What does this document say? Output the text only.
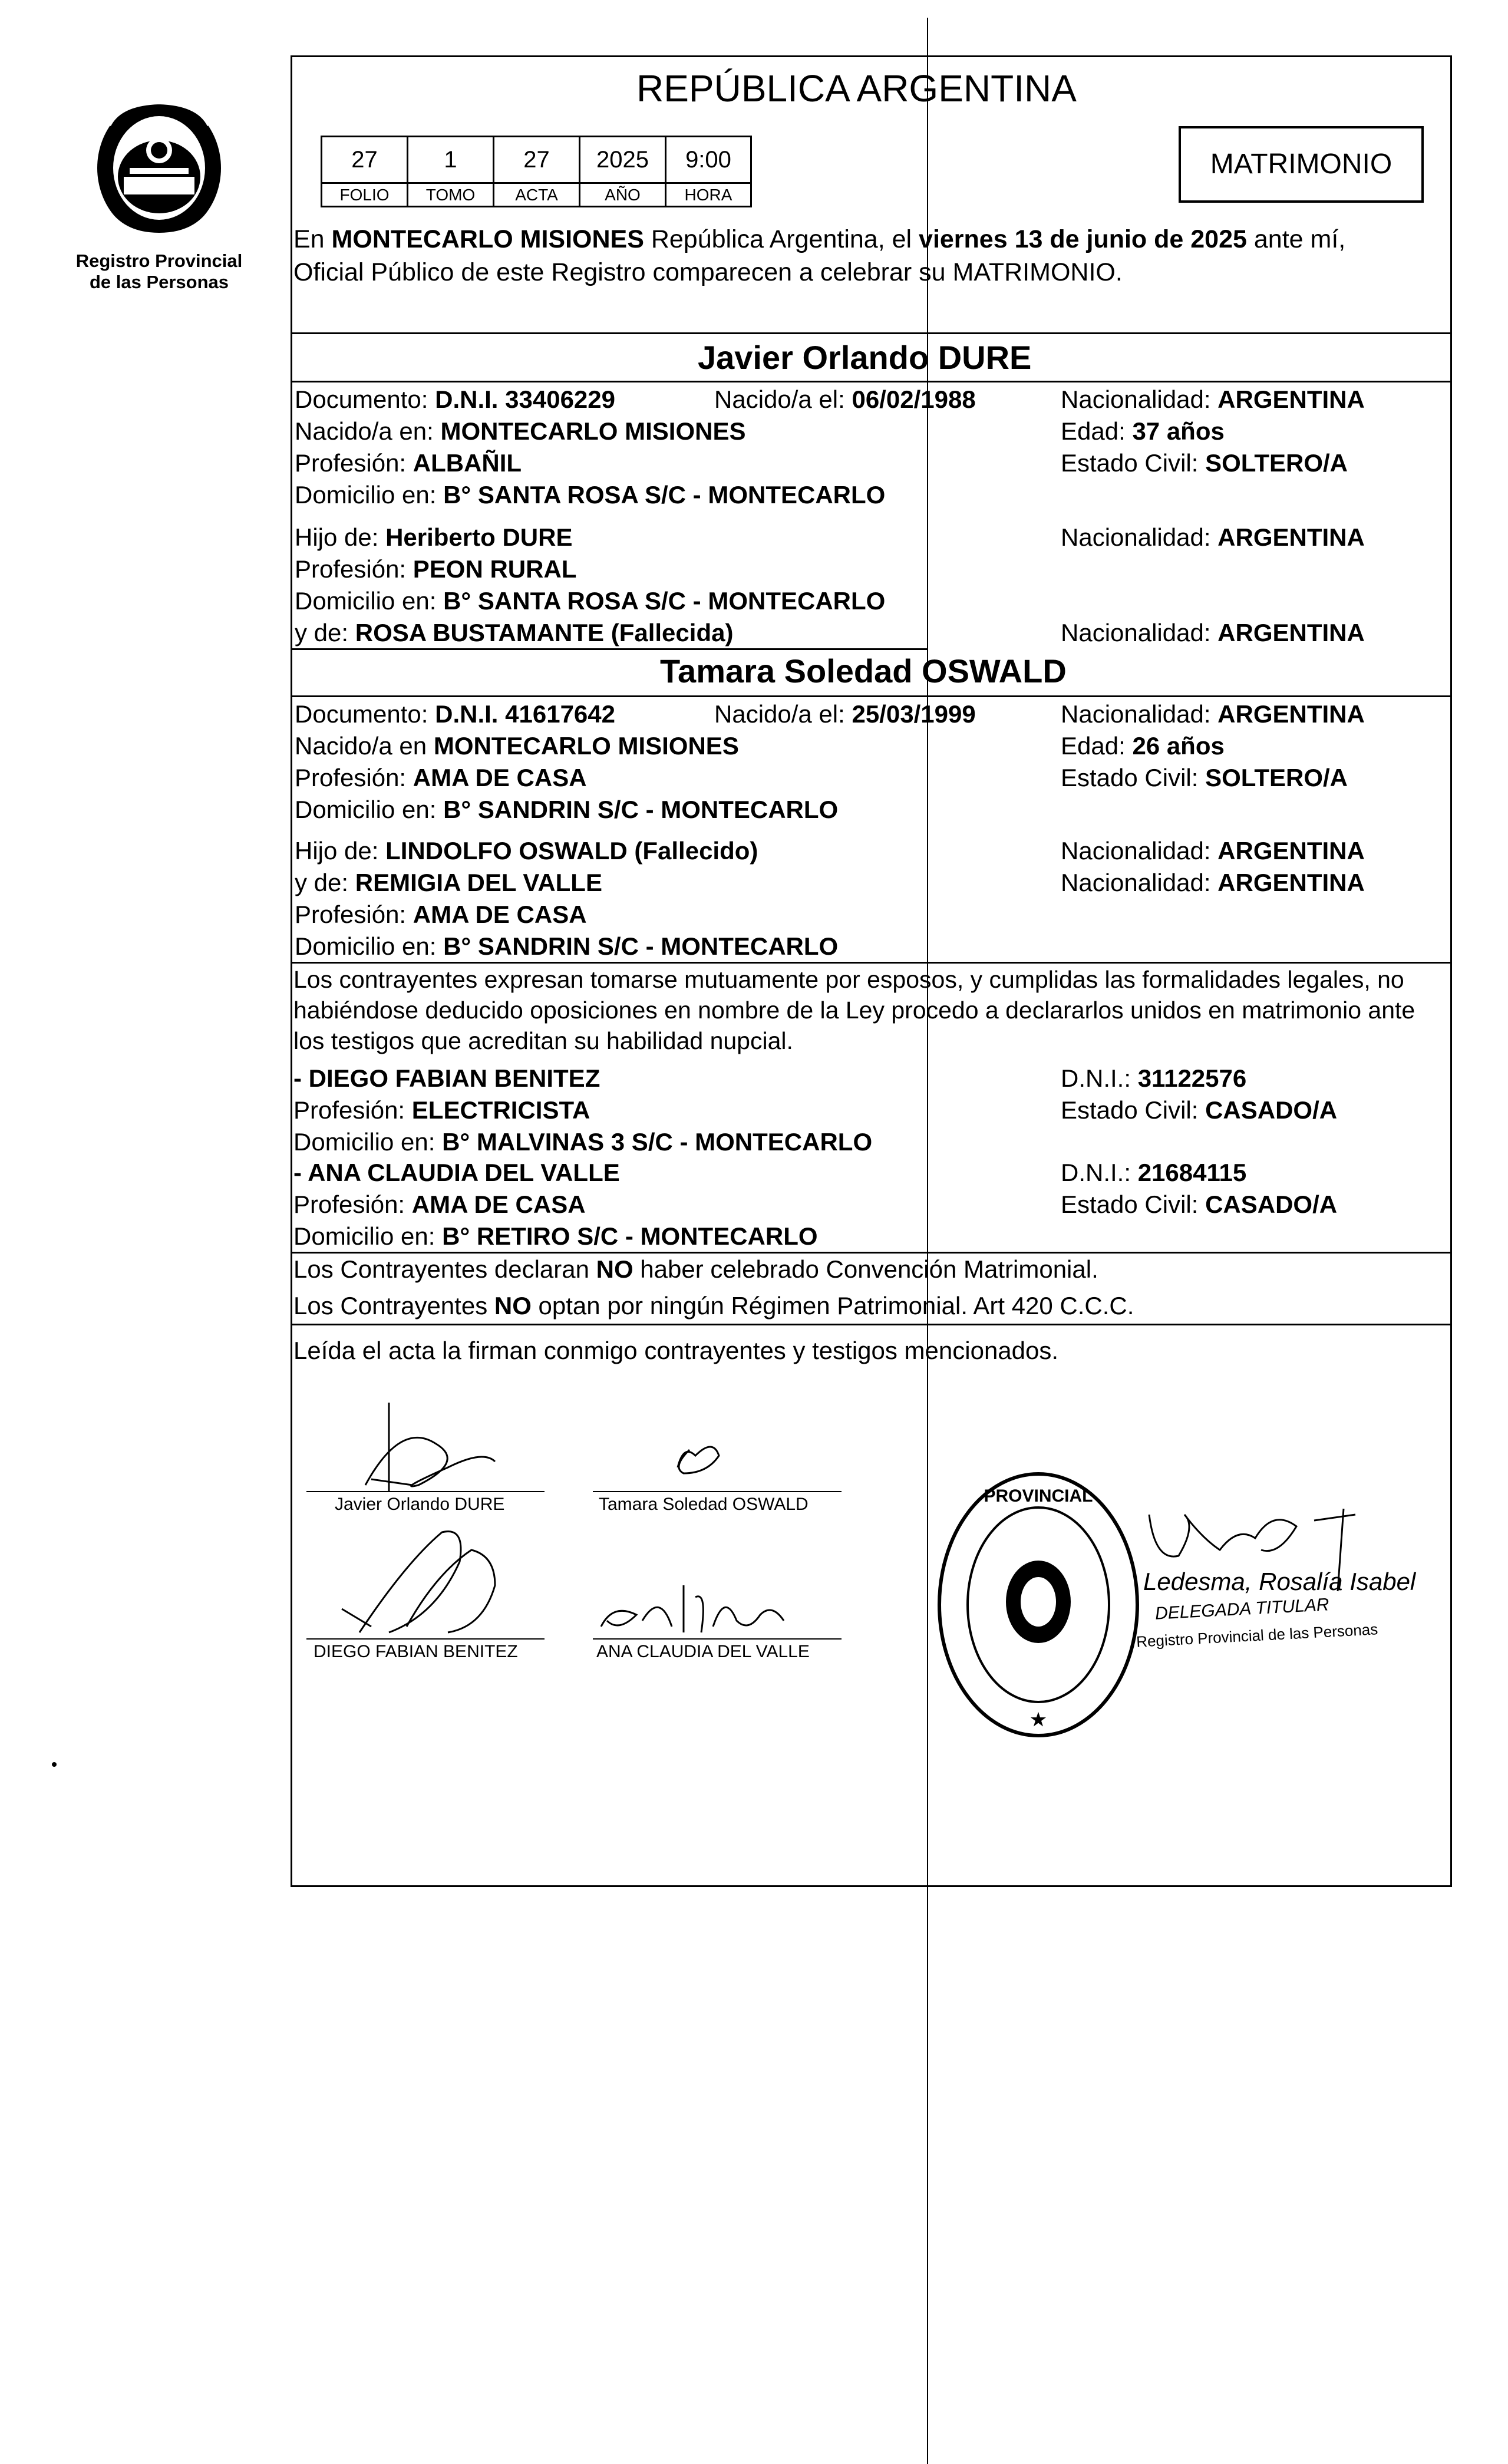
Registro Provincial
de las Personas
REPÚBLICA ARGENTINA
27	1	27	2025	9:00
FOLIO	TOMO	ACTA	AÑO	HORA
MATRIMONIO
En MONTECARLO MISIONES República Argentina, el viernes 13 de junio de 2025 ante mí,
Oficial Público de este Registro comparecen a celebrar su MATRIMONIO.
Javier Orlando DURE
Documento: D.N.I. 33406229	Nacido/a el: 06/02/1988	Nacionalidad: ARGENTINA
Nacido/a en: MONTECARLO MISIONES	Edad: 37 años
Profesión: ALBAÑIL	Estado Civil: SOLTERO/A
Domicilio en: B° SANTA ROSA S/C - MONTECARLO
Hijo de: Heriberto DURE	Nacionalidad: ARGENTINA
Profesión: PEON RURAL
Domicilio en: B° SANTA ROSA S/C - MONTECARLO
y de: ROSA BUSTAMANTE (Fallecida)	Nacionalidad: ARGENTINA
Tamara Soledad OSWALD
Documento: D.N.I. 41617642	Nacido/a el: 25/03/1999	Nacionalidad: ARGENTINA
Nacido/a en MONTECARLO MISIONES	Edad: 26 años
Profesión: AMA DE CASA	Estado Civil: SOLTERO/A
Domicilio en: B° SANDRIN S/C - MONTECARLO
Hijo de: LINDOLFO OSWALD (Fallecido)	Nacionalidad: ARGENTINA
y de: REMIGIA DEL VALLE	Nacionalidad: ARGENTINA
Profesión: AMA DE CASA
Domicilio en: B° SANDRIN S/C - MONTECARLO
Los contrayentes expresan tomarse mutuamente por esposos, y cumplidas las formalidades legales, no
habiéndose deducido oposiciones en nombre de la Ley procedo a declararlos unidos en matrimonio ante
los testigos que acreditan su habilidad nupcial.
- DIEGO FABIAN BENITEZ	D.N.I.: 31122576
Profesión: ELECTRICISTA	Estado Civil: CASADO/A
Domicilio en: B° MALVINAS 3 S/C - MONTECARLO
- ANA CLAUDIA DEL VALLE	D.N.I.: 21684115
Profesión: AMA DE CASA	Estado Civil: CASADO/A
Domicilio en: B° RETIRO S/C - MONTECARLO
Los Contrayentes declaran NO haber celebrado Convención Matrimonial.
Los Contrayentes NO optan por ningún Régimen Patrimonial. Art 420 C.C.C.
Leída el acta la firman conmigo contrayentes y testigos mencionados.
Javier Orlando DURE	Tamara Soledad OSWALD
DIEGO FABIAN BENITEZ	ANA CLAUDIA DEL VALLE
PROVINCIAL
★
Ledesma, Rosalía Isabel
DELEGADA TITULAR
Registro Provincial de las Personas
